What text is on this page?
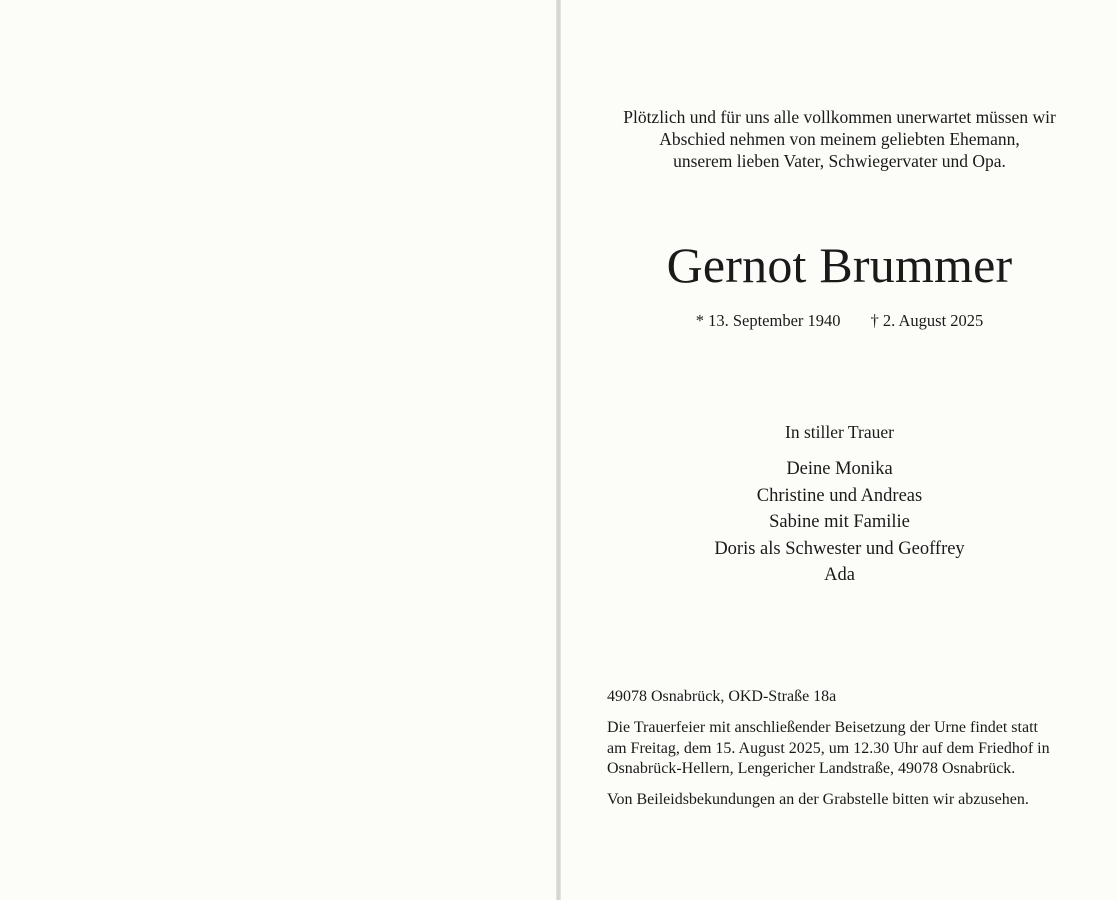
Plötzlich und für uns alle vollkommen unerwartet müssen wir
Abschied nehmen von meinem geliebten Ehemann,
unserem lieben Vater, Schwiegervater und Opa.
Gernot Brummer
* 13. September 1940 † 2. August 2025
In stiller Trauer
Deine Monika
Christine und Andreas
Sabine mit Familie
Doris als Schwester und Geoffrey
Ada
49078 Osnabrück, OKD-Straße 18a
Die Trauerfeier mit anschließender Beisetzung der Urne findet statt
am Freitag, dem 15. August 2025, um 12.30 Uhr auf dem Friedhof in
Osnabrück-Hellern, Lengericher Landstraße, 49078 Osnabrück.
Von Beileidsbekundungen an der Grabstelle bitten wir abzusehen.
